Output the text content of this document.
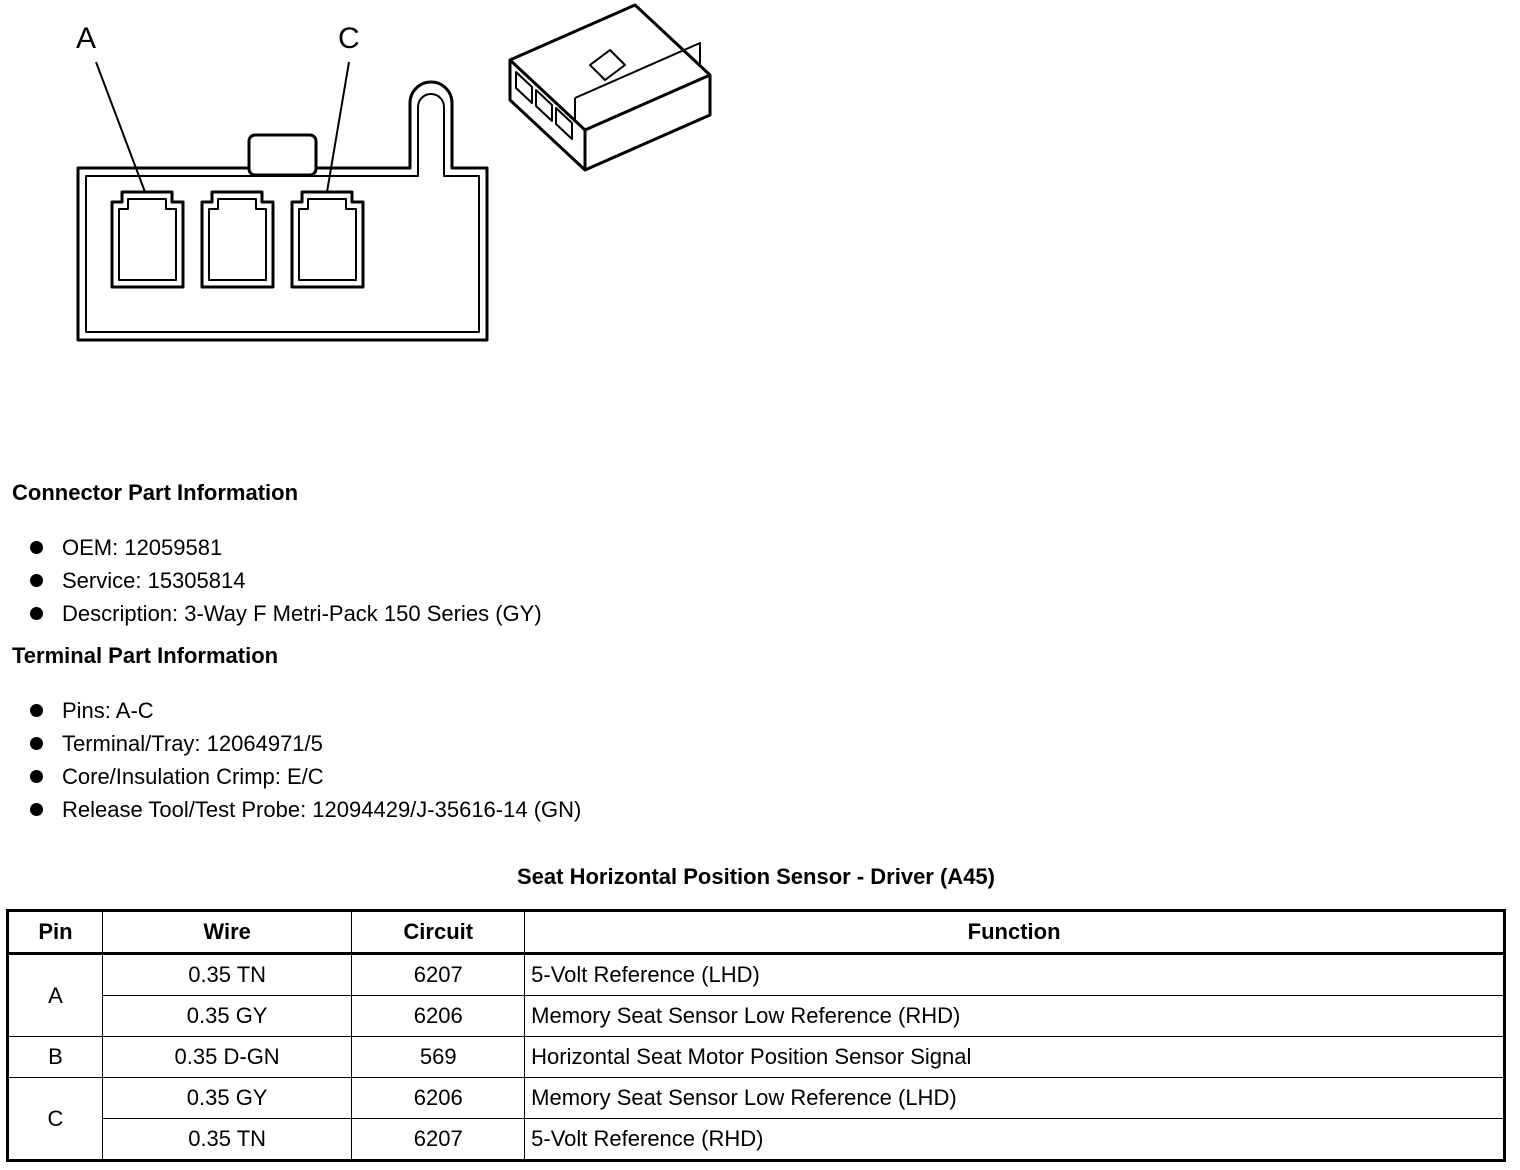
A	C
Connector Part Information
OEM: 12059581
Service: 15305814
Description: 3-Way F Metri-Pack 150 Series (GY)
Terminal Part Information
Pins: A-C
Terminal/Tray: 12064971/5
Core/Insulation Crimp: E/C
Release Tool/Test Probe: 12094429/J-35616-14 (GN)
Seat Horizontal Position Sensor - Driver (A45)
Pin	Wire	Circuit	Function
A	0.35 TN	6207	5-Volt Reference (LHD)
	0.35 GY	6206	Memory Seat Sensor Low Reference (RHD)
B	0.35 D-GN	569	Horizontal Seat Motor Position Sensor Signal
C	0.35 GY	6206	Memory Seat Sensor Low Reference (LHD)
	0.35 TN	6207	5-Volt Reference (RHD)
